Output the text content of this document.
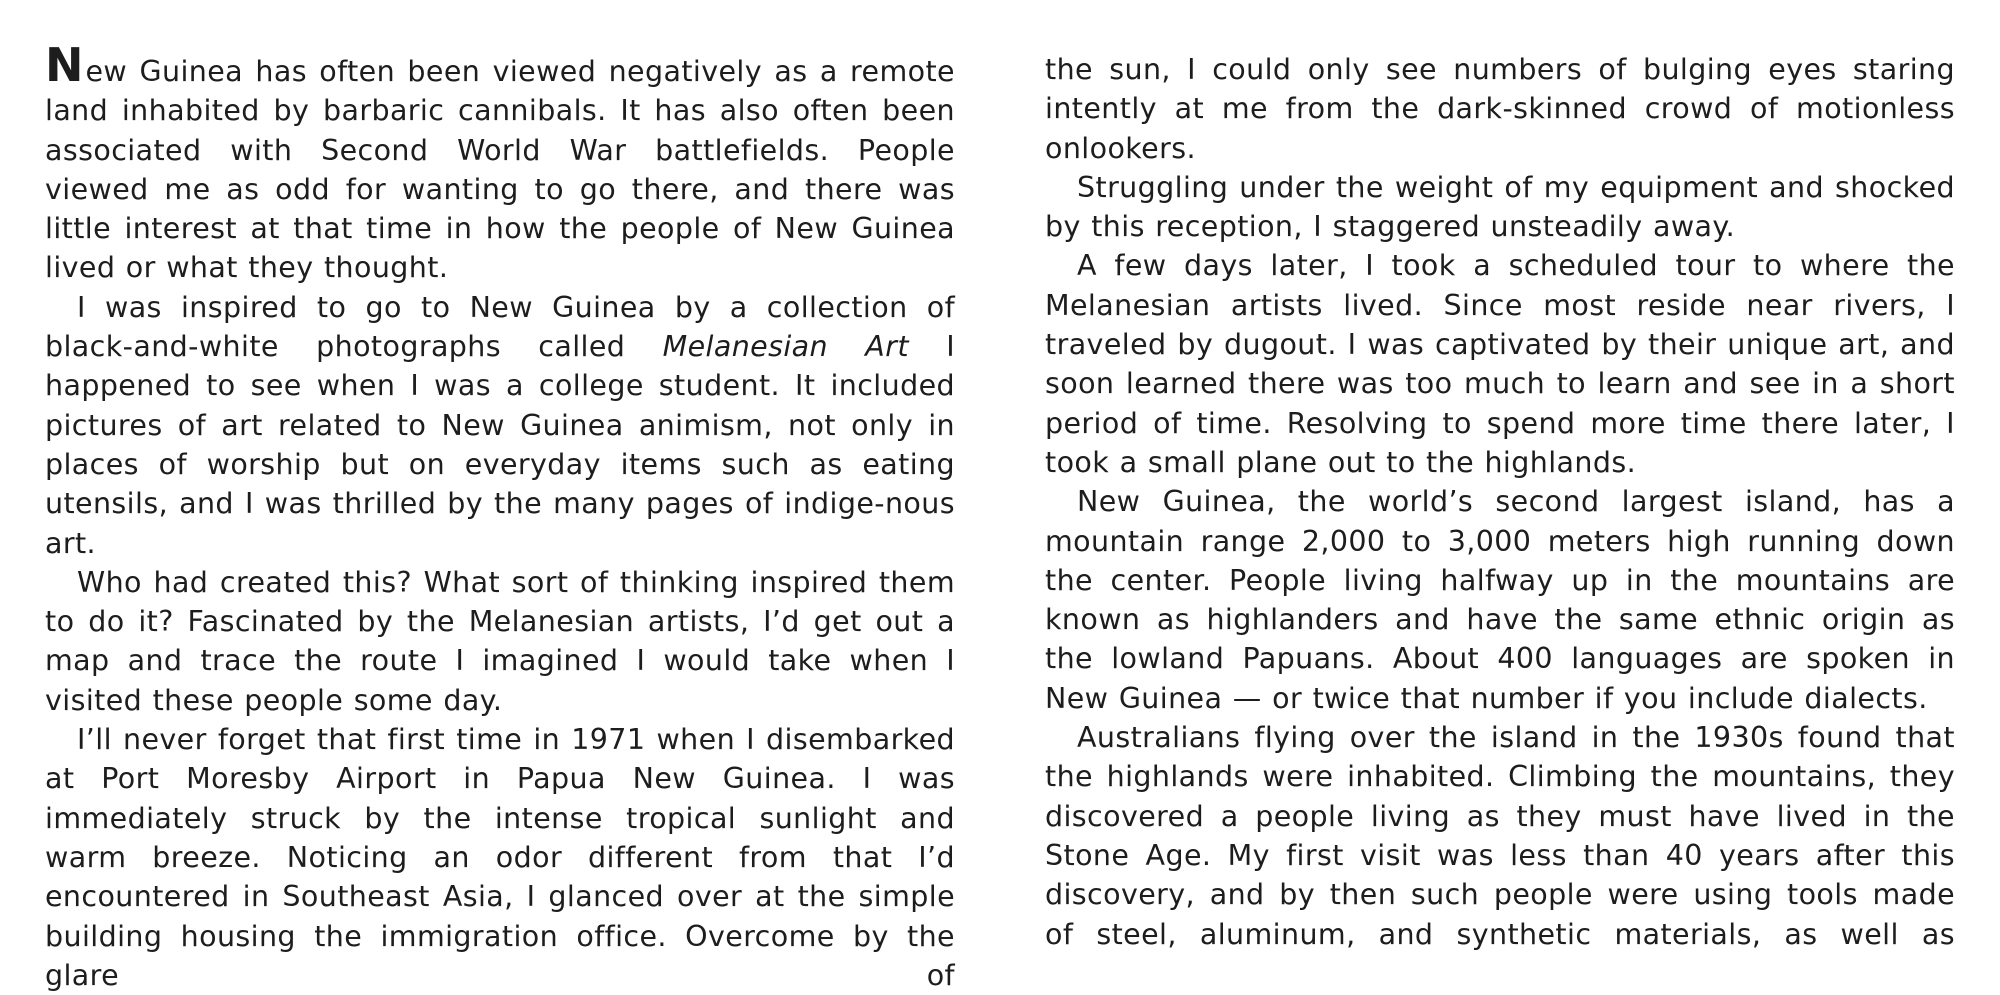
New Guinea has often been viewed negatively as a remote land inhabited by barbaric cannibals. It has also often been associated with Second World War battlefields. People viewed me as odd for wanting to go there, and there was little interest at that time in how the people of New Guinea lived or what they thought.

I was inspired to go to New Guinea by a collection of black-and-white photographs called Melanesian Art I happened to see when I was a college student. It included pictures of art related to New Guinea animism, not only in places of worship but on everyday items such as eating utensils, and I was thrilled by the many pages of indige-nous art.

Who had created this? What sort of thinking inspired them to do it? Fascinated by the Melanesian artists, I’d get out a map and trace the route I imagined I would take when I visited these people some day.

I’ll never forget that first time in 1971 when I disembarked at Port Moresby Airport in Papua New Guinea. I was immediately struck by the intense tropical sunlight and warm breeze. Noticing an odor different from that I’d encountered in Southeast Asia, I glanced over at the simple building housing the immigration office. Overcome by the glare of

the sun, I could only see numbers of bulging eyes staring intently at me from the dark-skinned crowd of motionless onlookers.

Struggling under the weight of my equipment and shocked by this reception, I staggered unsteadily away.

A few days later, I took a scheduled tour to where the Melanesian artists lived. Since most reside near rivers, I traveled by dugout. I was captivated by their unique art, and soon learned there was too much to learn and see in a short period of time. Resolving to spend more time there later, I took a small plane out to the highlands.

New Guinea, the world’s second largest island, has a mountain range 2,000 to 3,000 meters high running down the center. People living halfway up in the mountains are known as highlanders and have the same ethnic origin as the lowland Papuans. About 400 languages are spoken in New Guinea — or twice that number if you include dialects.

Australians flying over the island in the 1930s found that the highlands were inhabited. Climbing the mountains, they discovered a people living as they must have lived in the Stone Age. My first visit was less than 40 years after this discovery, and by then such people were using tools made of steel, aluminum, and synthetic materials, as well as
